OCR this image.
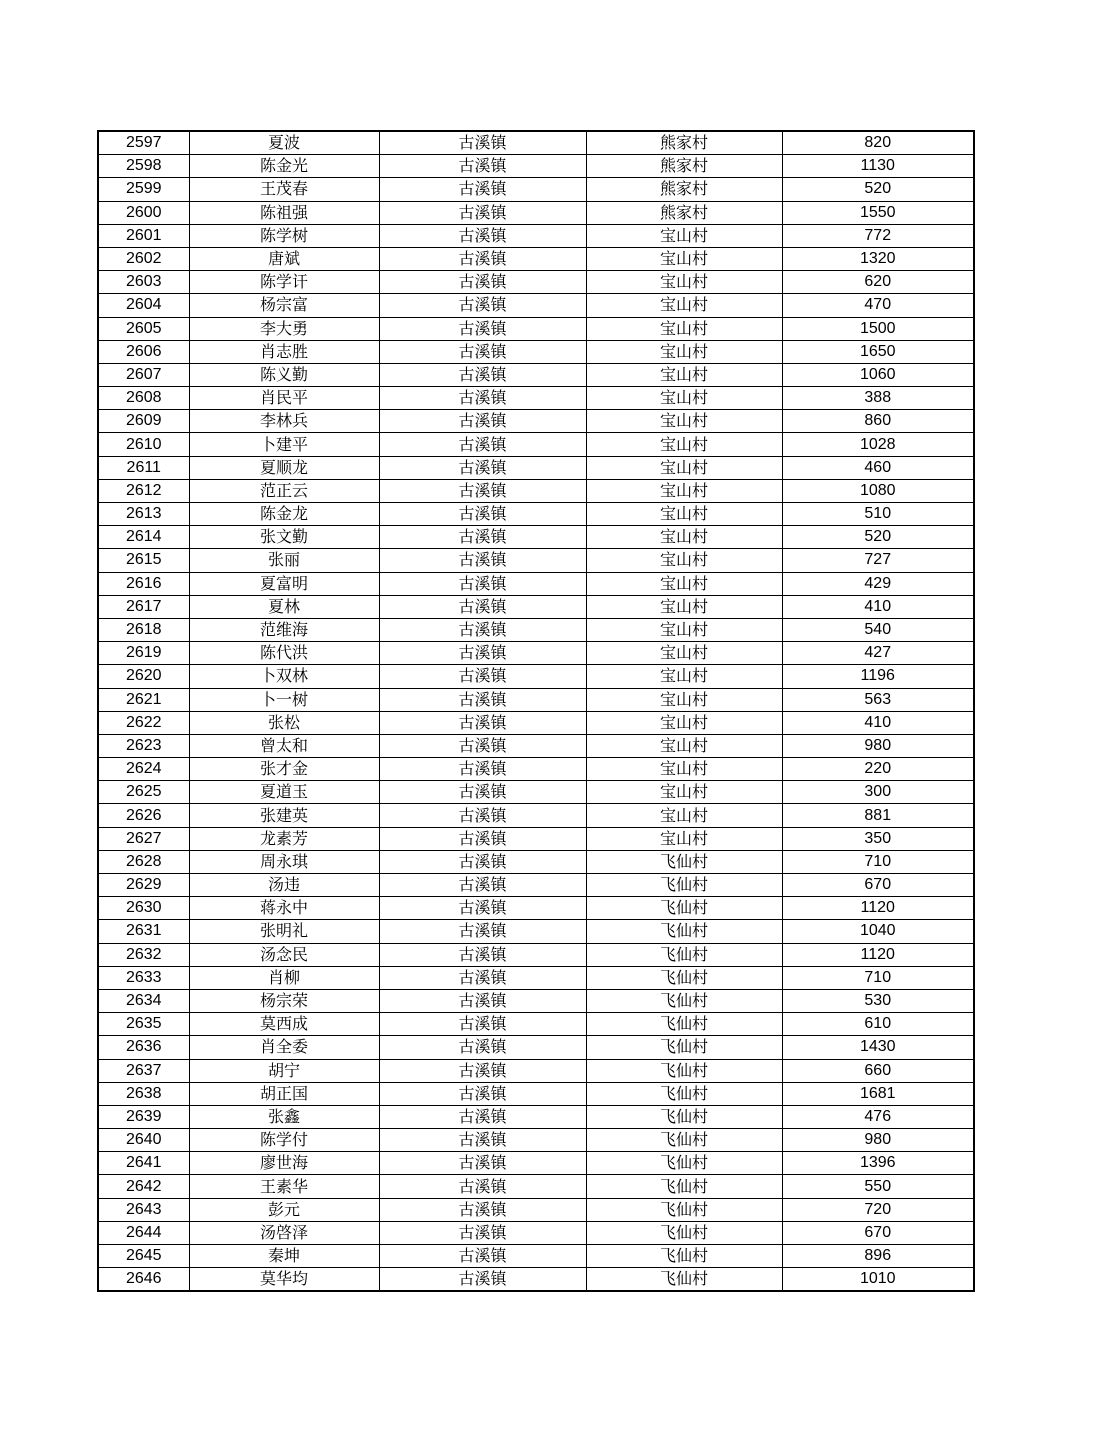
2597	夏波	古溪镇	熊家村	820
2598	陈金光	古溪镇	熊家村	1130
2599	王茂春	古溪镇	熊家村	520
2600	陈祖强	古溪镇	熊家村	1550
2601	陈学树	古溪镇	宝山村	772
2602	唐斌	古溪镇	宝山村	1320
2603	陈学讦	古溪镇	宝山村	620
2604	杨宗富	古溪镇	宝山村	470
2605	李大勇	古溪镇	宝山村	1500
2606	肖志胜	古溪镇	宝山村	1650
2607	陈义勤	古溪镇	宝山村	1060
2608	肖民平	古溪镇	宝山村	388
2609	李林兵	古溪镇	宝山村	860
2610	卜建平	古溪镇	宝山村	1028
2611	夏顺龙	古溪镇	宝山村	460
2612	范正云	古溪镇	宝山村	1080
2613	陈金龙	古溪镇	宝山村	510
2614	张文勤	古溪镇	宝山村	520
2615	张丽	古溪镇	宝山村	727
2616	夏富明	古溪镇	宝山村	429
2617	夏林	古溪镇	宝山村	410
2618	范维海	古溪镇	宝山村	540
2619	陈代洪	古溪镇	宝山村	427
2620	卜双林	古溪镇	宝山村	1196
2621	卜一树	古溪镇	宝山村	563
2622	张松	古溪镇	宝山村	410
2623	曾太和	古溪镇	宝山村	980
2624	张才金	古溪镇	宝山村	220
2625	夏道玉	古溪镇	宝山村	300
2626	张建英	古溪镇	宝山村	881
2627	龙素芳	古溪镇	宝山村	350
2628	周永琪	古溪镇	飞仙村	710
2629	汤违	古溪镇	飞仙村	670
2630	蒋永中	古溪镇	飞仙村	1120
2631	张明礼	古溪镇	飞仙村	1040
2632	汤念民	古溪镇	飞仙村	1120
2633	肖柳	古溪镇	飞仙村	710
2634	杨宗荣	古溪镇	飞仙村	530
2635	莫西成	古溪镇	飞仙村	610
2636	肖全委	古溪镇	飞仙村	1430
2637	胡宁	古溪镇	飞仙村	660
2638	胡正国	古溪镇	飞仙村	1681
2639	张鑫	古溪镇	飞仙村	476
2640	陈学付	古溪镇	飞仙村	980
2641	廖世海	古溪镇	飞仙村	1396
2642	王素华	古溪镇	飞仙村	550
2643	彭元	古溪镇	飞仙村	720
2644	汤啓泽	古溪镇	飞仙村	670
2645	秦坤	古溪镇	飞仙村	896
2646	莫华均	古溪镇	飞仙村	1010
